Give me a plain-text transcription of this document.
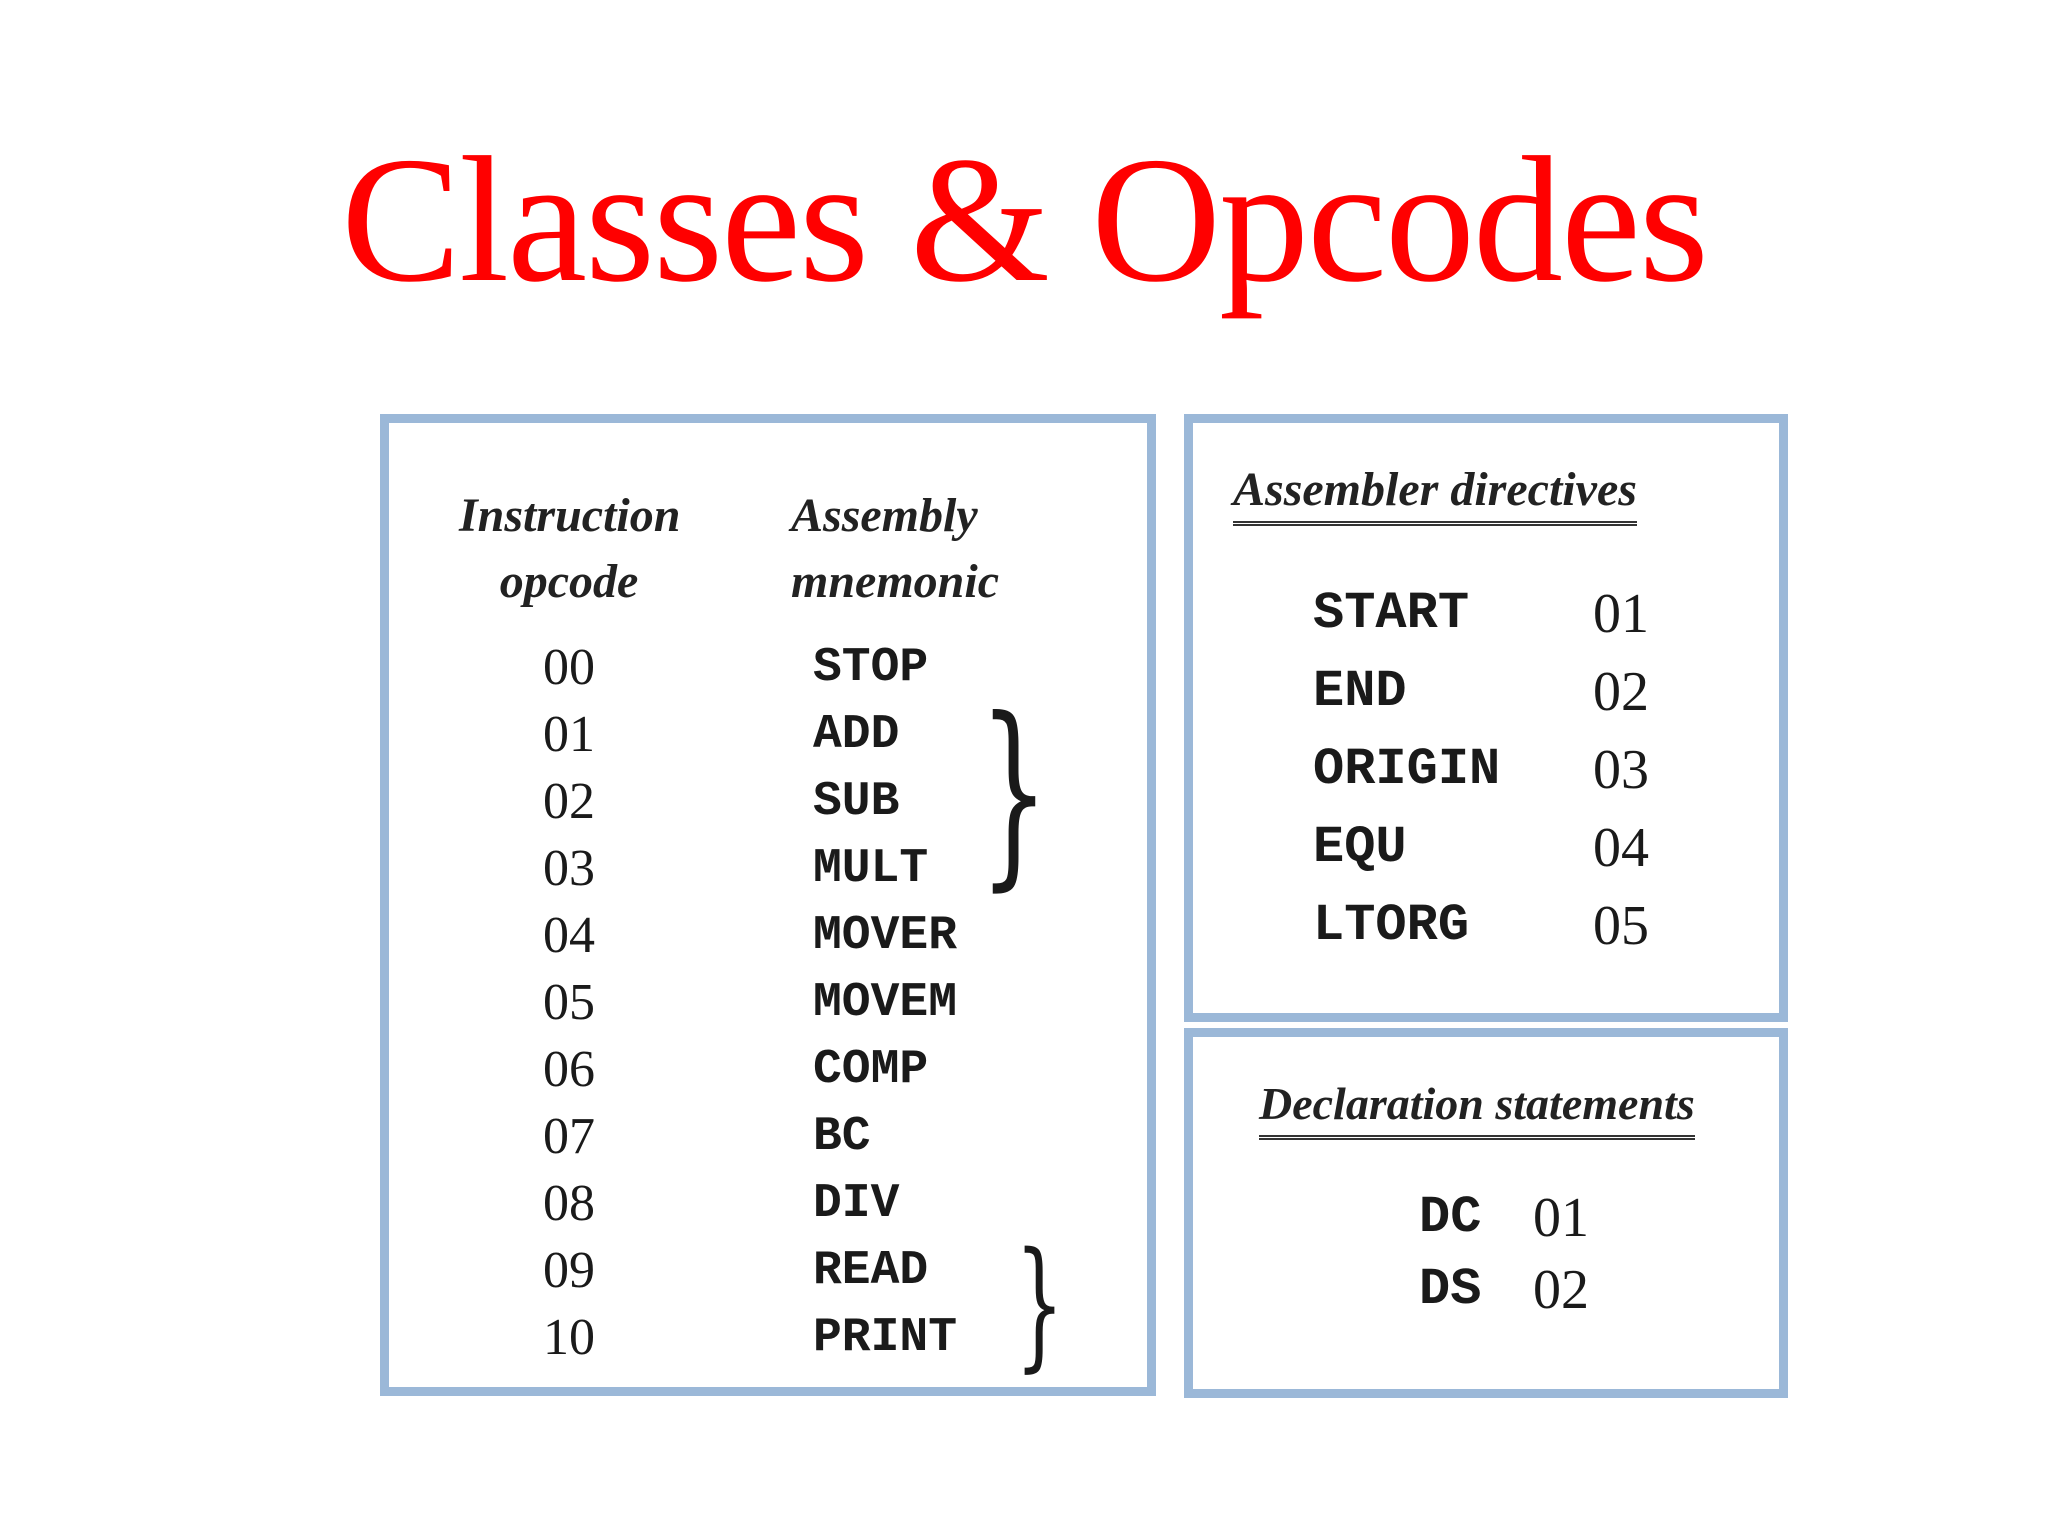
Classes & Opcodes
Instruction
opcode
Assembly
mnemonic
00	STOP
01	ADD
02	SUB
03	MULT
04	MOVER
05	MOVEM
06	COMP
07	BC
08	DIV
09	READ
10	PRINT
}
}
Assembler directives
START 01
END	02
ORIGIN 03
EQU	04
LTORG 05
Declaration statements
DC 01
DS 02
